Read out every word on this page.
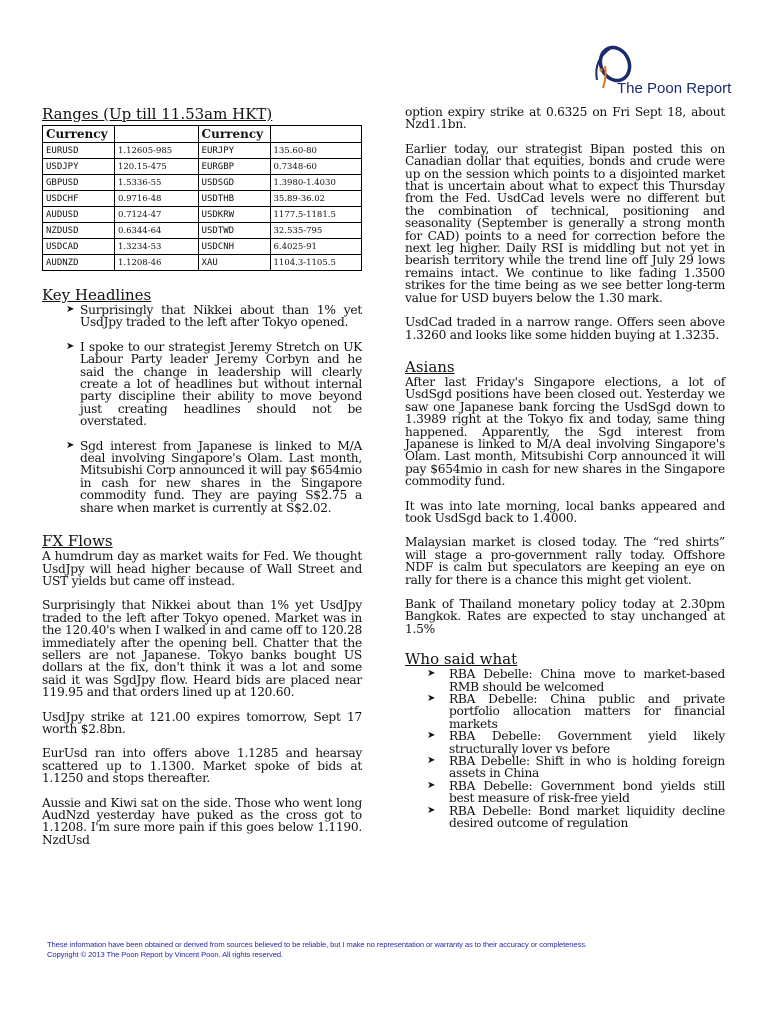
The Poon Report
Ranges (Up till 11.53am HKT)
Currency		Currency	
EURUSD	1.12605-985	EURJPY	135.60-80
USDJPY	120.15-475	EURGBP	0.7348-60
GBPUSD	1.5336-55	USDSGD	1.3980-1.4030
USDCHF	0.9716-48	USDTHB	35.89-36.02
AUDUSD	0.7124-47	USDKRW	1177.5-1181.5
NZDUSD	0.6344-64	USDTWD	32.535-795
USDCAD	1.3234-53	USDCNH	6.4025-91
AUDNZD	1.1208-46	XAU	1104.3-1105.5
Key Headlines
➤ Surprisingly that Nikkei about than 1% yet UsdJpy traded to the left after Tokyo opened.
➤ I spoke to our strategist Jeremy Stretch on UK Labour Party leader Jeremy Corbyn and he said the change in leadership will clearly create a lot of headlines but without internal party discipline their ability to move beyond just creating headlines should not be overstated.
➤ Sgd interest from Japanese is linked to M/A deal involving Singapore's Olam. Last month, Mitsubishi Corp announced it will pay $654mio in cash for new shares in the Singapore commodity fund. They are paying S$2.75 a share when market is currently at S$2.02.
FX Flows

A humdrum day as market waits for Fed. We thought UsdJpy will head higher because of Wall Street and UST yields but came off instead.

Surprisingly that Nikkei about than 1% yet UsdJpy traded to the left after Tokyo opened. Market was in the 120.40's when I walked in and came off to 120.28 immediately after the opening bell. Chatter that the sellers are not Japanese. Tokyo banks bought US dollars at the fix, don't think it was a lot and some said it was SgdJpy flow. Heard bids are placed near 119.95 and that orders lined up at 120.60.

UsdJpy strike at 121.00 expires tomorrow, Sept 17 worth $2.8bn.

EurUsd ran into offers above 1.1285 and hearsay scattered up to 1.1300. Market spoke of bids at 1.1250 and stops thereafter.

Aussie and Kiwi sat on the side. Those who went long AudNzd yesterday have puked as the cross got to 1.1208. I'm sure more pain if this goes below 1.1190. NzdUsd

option expiry strike at 0.6325 on Fri Sept 18, about Nzd1.1bn.

Earlier today, our strategist Bipan posted this on Canadian dollar that equities, bonds and crude were up on the session which points to a disjointed market that is uncertain about what to expect this Thursday from the Fed. UsdCad levels were no different but the combination of technical, positioning and seasonality (September is generally a strong month for CAD) points to a need for correction before the next leg higher. Daily RSI is middling but not yet in bearish territory while the trend line off July 29 lows remains intact. We continue to like fading 1.3500 strikes for the time being as we see better long-term value for USD buyers below the 1.30 mark.

UsdCad traded in a narrow range. Offers seen above 1.3260 and looks like some hidden buying at 1.3235.

Asians

After last Friday's Singapore elections, a lot of UsdSgd positions have been closed out. Yesterday we saw one Japanese bank forcing the UsdSgd down to 1.3989 right at the Tokyo fix and today, same thing happened. Apparently, the Sgd interest from Japanese is linked to M/A deal involving Singapore's Olam. Last month, Mitsubishi Corp announced it will pay $654mio in cash for new shares in the Singapore commodity fund.

It was into late morning, local banks appeared and took UsdSgd back to 1.4000.

Malaysian market is closed today. The “red shirts” will stage a pro-government rally today. Offshore NDF is calm but speculators are keeping an eye on rally for there is a chance this might get violent.

Bank of Thailand monetary policy today at 2.30pm Bangkok. Rates are expected to stay unchanged at 1.5%

Who said what
➤ RBA Debelle: China move to market-based RMB should be welcomed
➤ RBA Debelle: China public and private portfolio allocation matters for financial markets
➤ RBA Debelle: Government yield likely structurally lover vs before
➤ RBA Debelle: Shift in who is holding foreign assets in China
➤ RBA Debelle: Government bond yields still best measure of risk-free yield
➤ RBA Debelle: Bond market liquidity decline desired outcome of regulation
These information have been obtained or derived from sources believed to be reliable, but I make no representation or warranty as to their accuracy or completeness.
Copyright © 2013 The Poon Report by Vincent Poon. All rights reserved.
